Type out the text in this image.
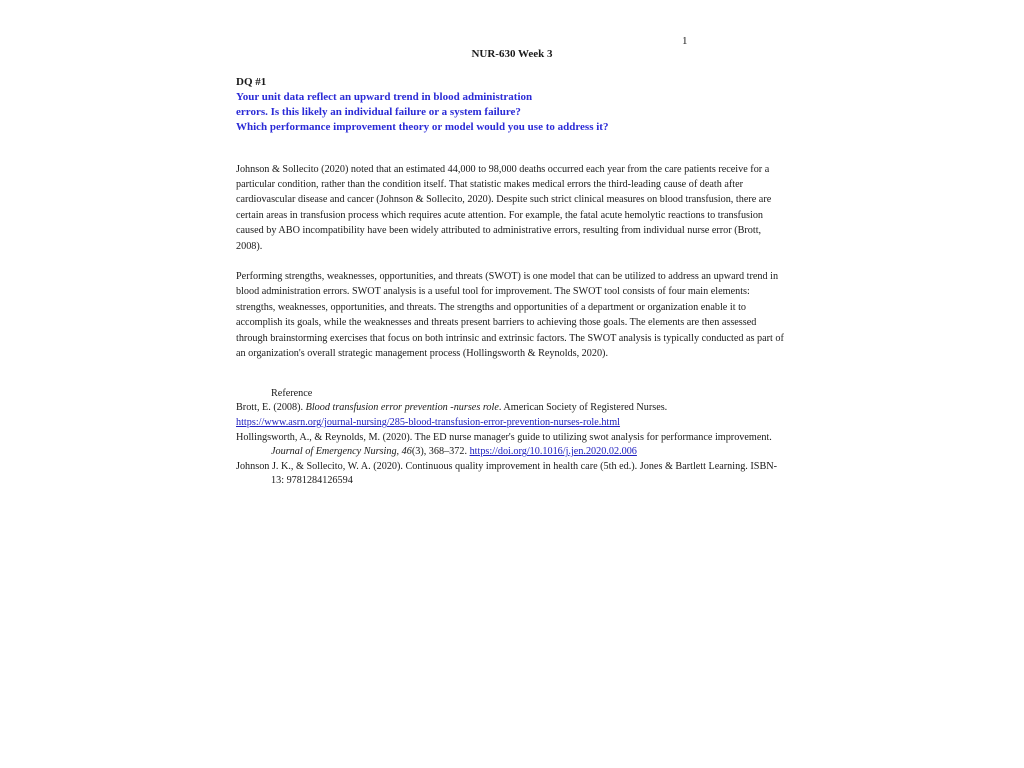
1
NUR-630 Week 3
DQ #1
Your unit data reflect an upward trend in blood administration
errors. Is this likely an individual failure or a system failure?
Which performance improvement theory or model would you use to address it?

Johnson & Sollecito (2020) noted that an estimated 44,000 to 98,000 deaths occurred each year from the care patients receive for a particular condition, rather than the condition itself. That statistic makes medical errors the third-leading cause of death after cardiovascular disease and cancer (Johnson & Sollecito, 2020). Despite such strict clinical measures on blood transfusion, there are certain areas in transfusion process which requires acute attention. For example, the fatal acute hemolytic reactions to transfusion caused by ABO incompatibility have been widely attributed to administrative errors, resulting from individual nurse error (Brott, 2008).

Performing strengths, weaknesses, opportunities, and threats (SWOT) is one model that can be utilized to address an upward trend in blood administration errors. SWOT analysis is a useful tool for improvement. The SWOT tool consists of four main elements: strengths, weaknesses, opportunities, and threats. The strengths and opportunities of a department or organization enable it to accomplish its goals, while the weaknesses and threats present barriers to achieving those goals. The elements are then assessed through brainstorming exercises that focus on both intrinsic and extrinsic factors. The SWOT analysis is typically conducted as part of an organization's overall strategic management process (Hollingsworth & Reynolds, 2020).

Reference
Brott, E. (2008). Blood transfusion error prevention -nurses role. American Society of Registered Nurses.
https://www.asrn.org/journal-nursing/285-blood-transfusion-error-prevention-nurses-role.html
Hollingsworth, A., & Reynolds, M. (2020). The ED nurse manager's guide to utilizing swot analysis for performance improvement. Journal of Emergency Nursing, 46(3), 368–372. https://doi.org/10.1016/j.jen.2020.02.006
Johnson J. K., & Sollecito, W. A. (2020). Continuous quality improvement in health care (5th ed.). Jones & Bartlett Learning. ISBN-13: 9781284126594
